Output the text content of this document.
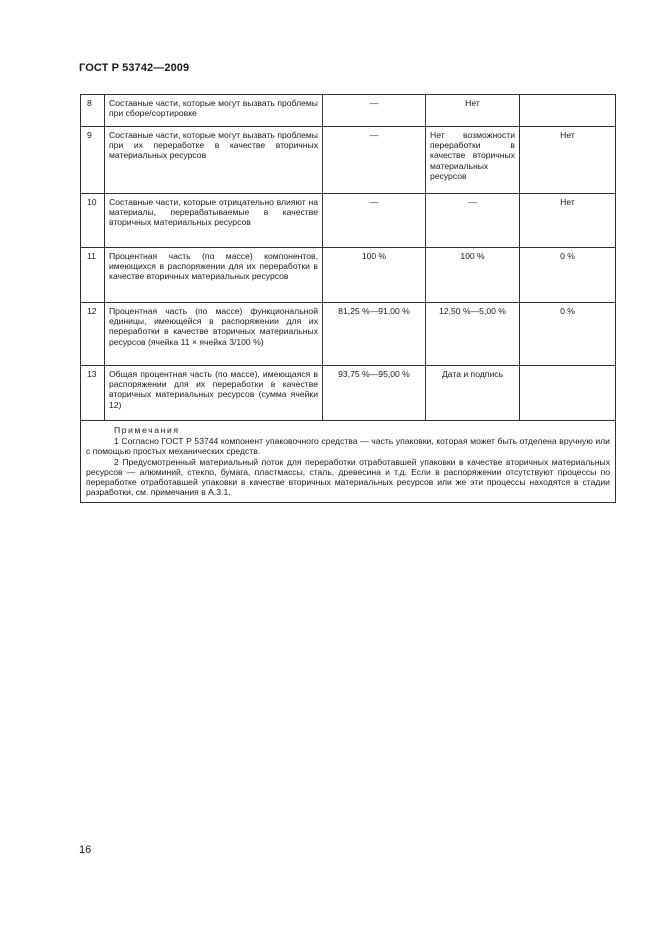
ГОСТ Р 53742—2009
8	Составные части, которые могут вызвать проблемы при сборе/сортировке	—	Нет	
9	Составные части, которые могут вызвать проблемы при их переработке в качестве вторичных материальных ресурсов	—	Нет возможности переработки в качестве вторичных материальных ресурсов	Нет
10	Составные части, которые отрицательно влияют на материалы, перерабатываемые в качестве вторичных материальных ресурсов	—	—	Нет
11	Процентная часть (по массе) компонентов, имеющихся в распоряжении для их переработки в качестве вторичных материальных ресурсов	100 %	100 %	0 %
12	Процентная часть (по массе) функциональной единицы, имеющейся в распоряжении для их переработки в качестве вторичных материальных ресурсов (ячейка 11 × ячейка 3/100 %)	81,25 %—91,00 %	12,50 %—5,00 %	0 %
13	Общая процентная часть (по массе), имеющаяся в распоряжении для их переработки в качестве вторичных материальных ресурсов (сумма ячейки 12)	93,75 %—95,00 %	Дата и подпись	

Примечания

1 Согласно ГОСТ Р 53744 компонент упаковочного средства — часть упаковки, которая может быть отделена вручную или с помощью простых механических средств.

2 Предусмотренный материальный поток для переработки отработавшей упаковки в качестве вторичных материальных ресурсов — алюминий, стекло, бумага, пластмассы, сталь, древесина и т.д. Если в распоряжении отсутствуют процессы по переработке отработавшей упаковки в качестве вторичных материальных ресурсов или же эти процессы находятся в стадии разработки, см. примечания в А.3.1.				

16
